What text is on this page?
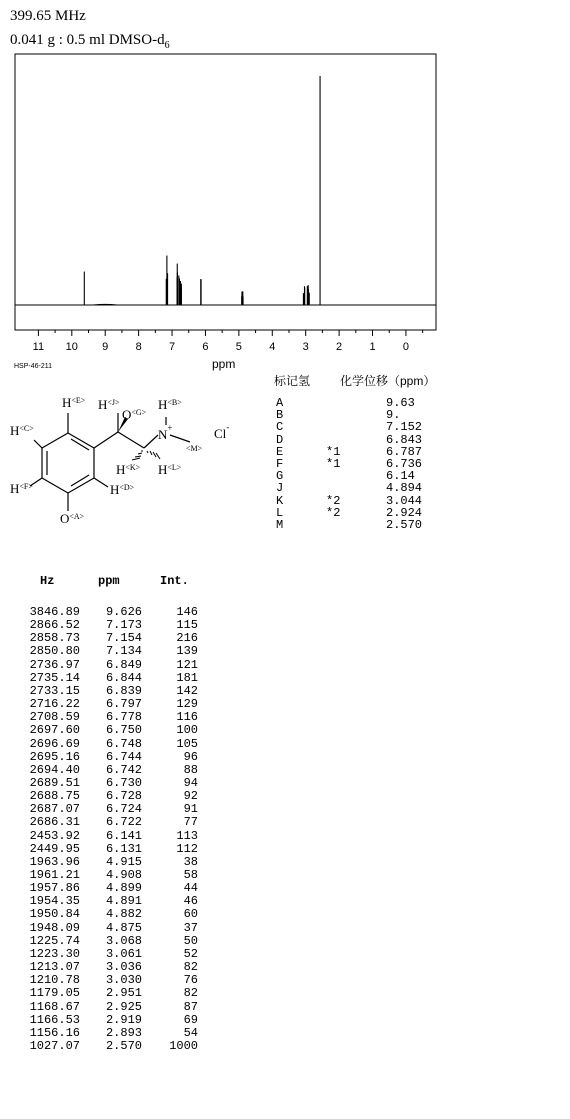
399.65 MHz
0.041 g : 0.5 ml DMSO-$d_6$
11 10 9 8 7 6 5 4 3 2 1 0
ppm
HSP-46-211
$H^{<E>}$ $H^{<J>}$
$O^{<G>}$
$H^{<B>}$
N+
<M>
Cl-
$H^{<C>}$
$H^{<K>}$ $H^{<L>}$
$H^{<D>}$
$H^{<F>}$
$O^{<A>}$
标记氢 化学位移（ppm）
A	9.63
B	9.
C	7.152
D	6.843
E	*1	6.787
F	*1	6.736
G	6.14
J	4.894
K	*2	3.044
L	*2	2.924
M	2.570
Hz	ppm	Int.
3846.89 9.626	146
2866.52 7.173	115
2858.73 7.154	216
2850.80 7.134	139
2736.97 6.849	121
2735.14 6.844	181
2733.15 6.839	142
2716.22 6.797	129
2708.59 6.778	116
2697.60 6.750	100
2696.69 6.748	105
2695.16 6.744	96
2694.40 6.742	88
2689.51 6.730	94
2688.75 6.728	92
2687.07 6.724	91
2686.31 6.722	77
2453.92 6.141	113
2449.95 6.131	112
1963.96 4.915	38
1961.21 4.908	58
1957.86 4.899	44
1954.35 4.891	46
1950.84 4.882	60
1948.09 4.875	37
1225.74 3.068	50
1223.30 3.061	52
1213.07 3.036	82
1210.78 3.030	76
1179.05 2.951	82
1168.67 2.925	87
1166.53 2.919	69
1156.16 2.893	54
1027.07 2.570 1000
